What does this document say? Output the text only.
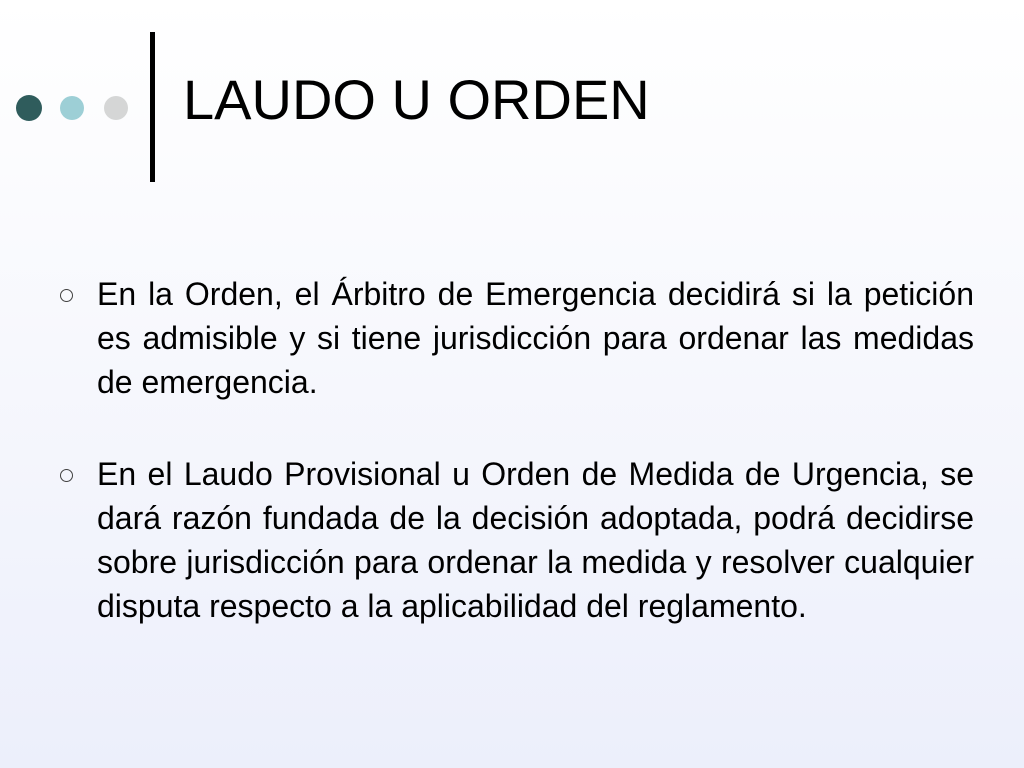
LAUDO U ORDEN

En la Orden, el Árbitro de Emergencia decidirá si la petición es admisible y si tiene jurisdicción para ordenar las medidas de emergencia.

En el Laudo Provisional u Orden de Medida de Urgencia, se dará razón fundada de la decisión adoptada, podrá decidirse sobre jurisdicción para ordenar la medida y resolver cualquier disputa respecto a la aplicabilidad del reglamento.
